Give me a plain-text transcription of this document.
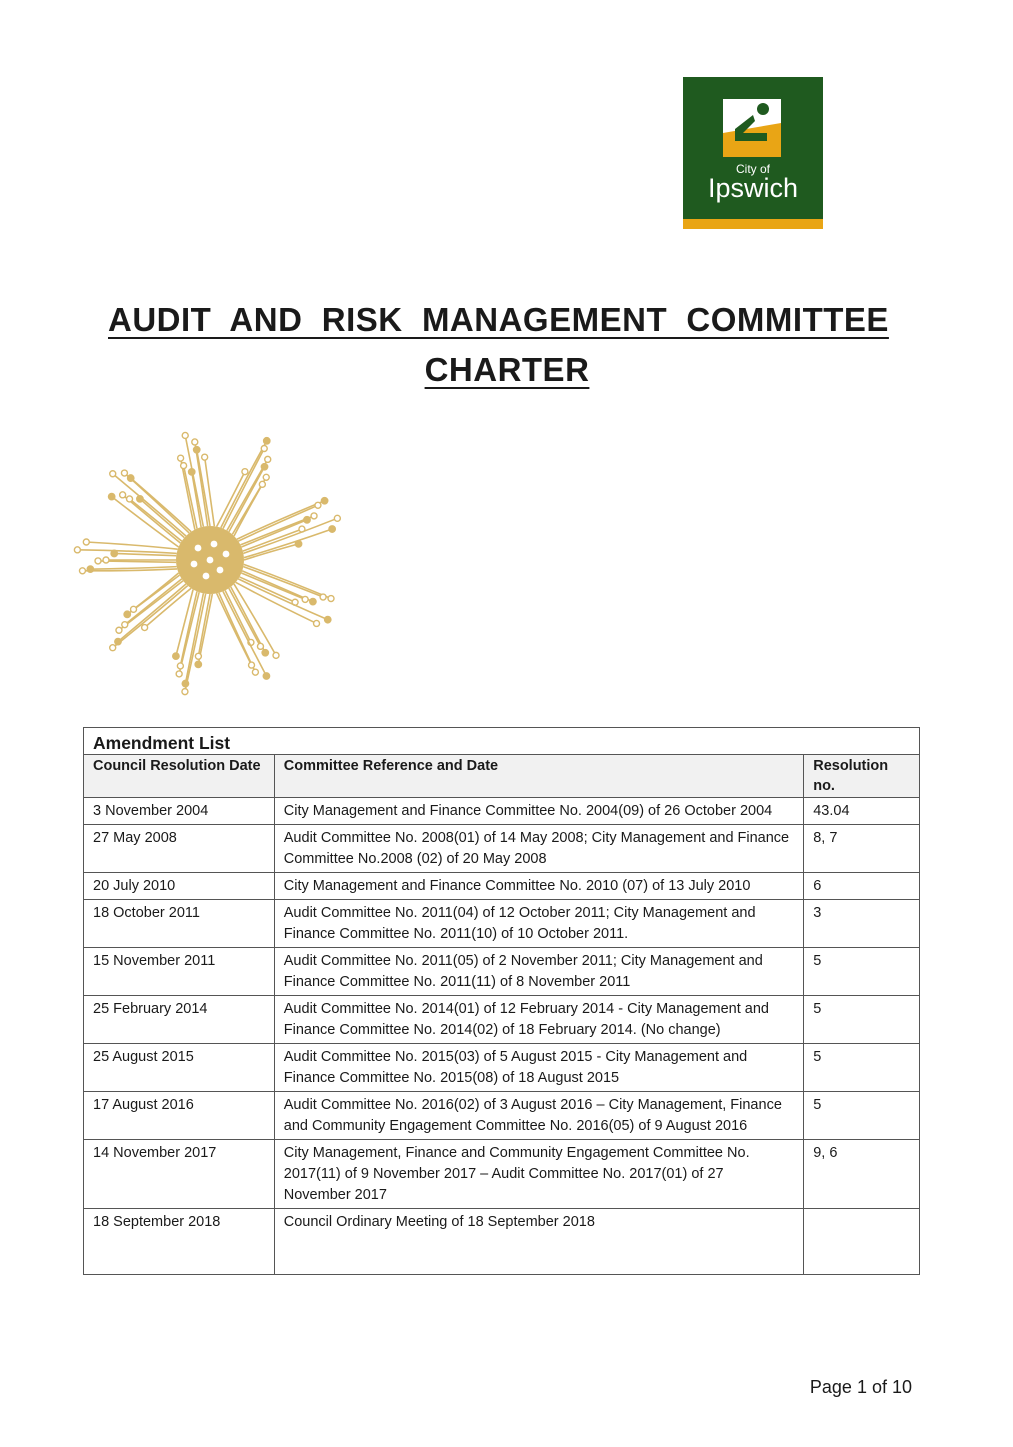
City of
Ipswich
AUDIT  AND  RISK  MANAGEMENT  COMMITTEE
CHARTER
Amendment List		
Council Resolution Date	Committee Reference and Date	Resolution no.
3 November 2004	City Management and Finance Committee No. 2004(09) of 26 October 2004	43.04
27 May 2008	Audit Committee No. 2008(01) of 14 May 2008; City Management and Finance Committee No.2008 (02) of 20 May 2008	8, 7
20 July 2010	City Management and Finance Committee No. 2010 (07) of 13 July 2010	6
18 October 2011	Audit Committee No. 2011(04) of 12 October 2011; City Management and Finance Committee No. 2011(10) of 10 October 2011.	3
15 November 2011	Audit Committee No. 2011(05) of 2 November 2011; City Management and Finance Committee No. 2011(11) of 8 November 2011	5
25 February 2014	Audit Committee No. 2014(01) of 12 February 2014 - City Management and Finance Committee No. 2014(02) of 18 February 2014. (No change)	5
25 August 2015	Audit Committee No. 2015(03) of 5 August 2015 - City Management and Finance Committee No. 2015(08) of 18 August 2015	5
17 August 2016	Audit Committee No. 2016(02) of 3 August 2016 – City Management, Finance and Community Engagement Committee No. 2016(05) of 9 August 2016	5
14 November 2017	City Management, Finance and Community Engagement Committee No. 2017(11) of 9 November 2017 – Audit Committee No. 2017(01) of 27 November 2017	9, 6
18 September 2018	Council Ordinary Meeting of 18 September 2018	
Page 1 of 10
